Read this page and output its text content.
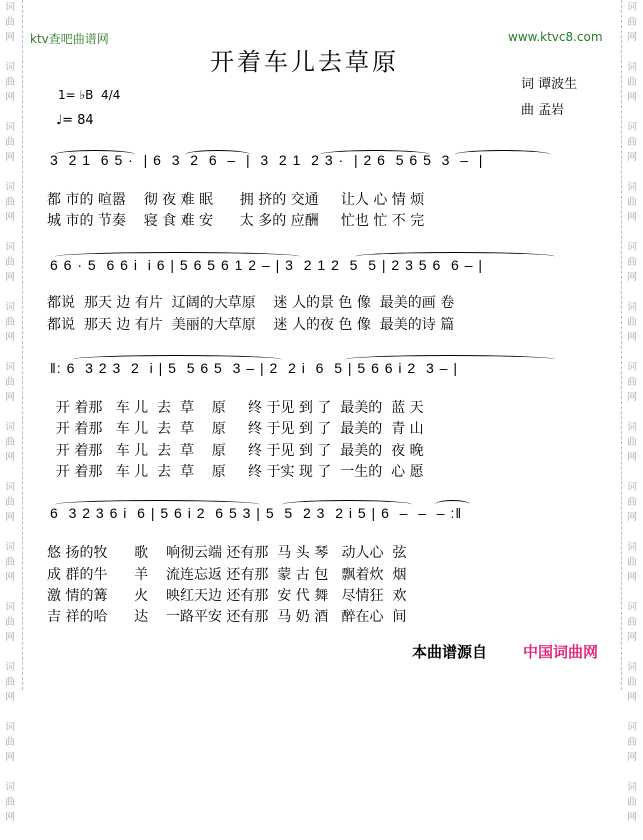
词
曲
网

词
曲
网

词
曲
网

词
曲
网

词
曲
网

词
曲
网

词
曲
网

词
曲
网

词
曲
网

词
曲
网

词
曲
网

词
曲
网

词
曲
网

词
曲
网

词
曲
网

词
曲
网

词
曲
网

词
曲
网

词
曲
网

词
曲
网

词
曲
网

词
曲
网

词
曲
网

词
曲
网

词
曲
网

词
曲
网

词
曲
网

词
曲
网

ktv查吧曲谱网	www.ktvc8.com
开着车儿去草原
词 谭波生
曲 孟岩
1= ♭B  4/4
♩= 84
3  2 1  6 5 ·  | 6  3  2  6  –  |  3  2 1  2 3 ·  | 2 6  5 6 5  3  –  |
都 市的 喧嚣    彻 夜 难 眠      拥 挤的 交通     让人 心 情 烦
城 市的 节奏    寝 食 难 安      太 多的 应酬     忙也 忙 不 完
6 6 · 5  6 6 i  i 6 | 5 6 5 6 1 2 – | 3  2 1 2  5  5 | 2 3 5 6  6 – |
都说  那天 边 有片  辽阔的大草原    迷 人的景 色 像  最美的画 卷
都说  那天 边 有片  美丽的大草原    迷 人的夜 色 像  最美的诗 篇
‖: 6  3 2 3  2  i | 5  5 6 5  3 – | 2  2 i  6  5 | 5 6 6 i 2  3 – |
开 着那   车 儿  去  草    原     终 于见 到 了  最美的  蓝 天
开 着那   车 儿  去  草    原     终 于见 到 了  最美的  青 山
开 着那   车 儿  去  草    原     终 于见 到 了  最美的  夜 晚
开 着那   车 儿  去  草    原     终 于实 现 了  一生的  心 愿
6  3 2 3 6 i  6 | 5 6 i 2  6 5 3 | 5  5  2 3  2 i 5 | 6  –  –  – :‖
悠 扬的牧      歌    响彻云端 还有那  马 头 琴   动人心  弦
成 群的牛      羊    流连忘返 还有那  蒙 古 包   飘着炊  烟
激 情的篝      火    映红天边 还有那  安 代 舞   尽情狂  欢
吉 祥的哈      达    一路平安 还有那  马 奶 酒   醉在心  间
本曲谱源自 中国词曲网
